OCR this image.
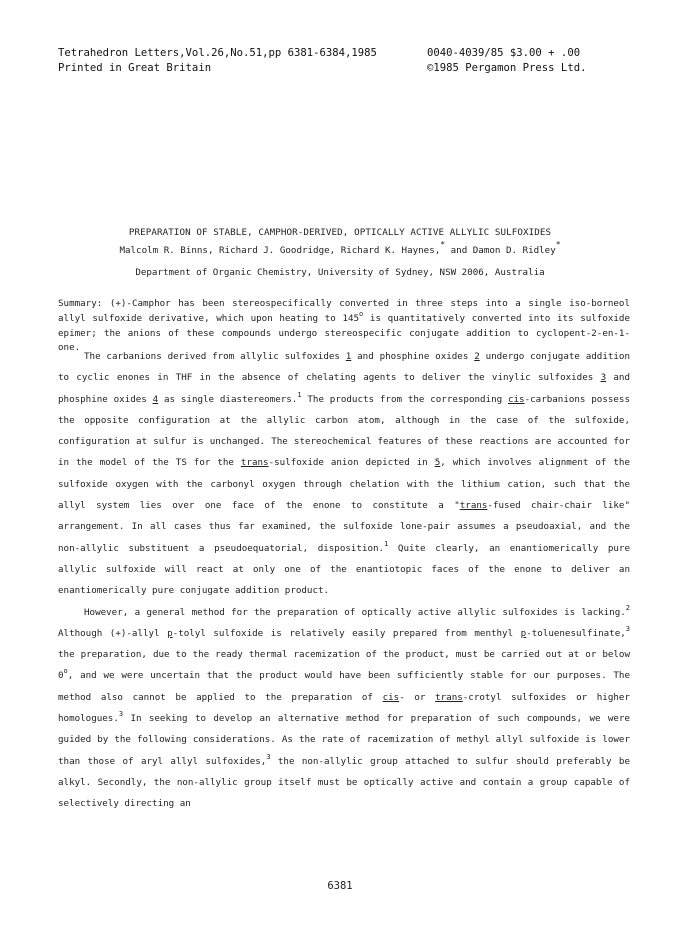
Tetrahedron Letters,Vol.26,No.51,pp 6381-6384,1985
Printed in Great Britain
0040-4039/85 $3.00 + .00
©1985 Pergamon Press Ltd.
PREPARATION OF STABLE, CAMPHOR-DERIVED, OPTICALLY ACTIVE ALLYLIC SULFOXIDES
Malcolm R. Binns, Richard J. Goodridge, Richard K. Haynes,* and Damon D. Ridley*
Department of Organic Chemistry, University of Sydney, NSW 2006, Australia

Summary: (+)-Camphor has been stereospecifically converted in three steps into a single iso-bornеol allyl sulfoxide derivative, which upon heating to 145$^o$ is quantitatively converted into its sulfoxide epimer; the anions of these compounds undergo stereospecific conjugate addition to cyclopent-2-en-1-one.

The carbanions derived from allylic sulfoxides 1 and phosphine oxides 2 undergo conjugate addition to cyclic enones in THF in the absence of chelating agents to deliver the vinylic sulfoxides 3 and phosphine oxides 4 as single diastereomers.$^1$ The products from the corresponding cis-carbanions possess the opposite configuration at the allylic carbon atom, although in the case of the sulfoxide, configuration at sulfur is unchanged. The stereochemical features of these reactions are accounted for in the model of the TS for the trans-sulfoxide anion depicted in 5, which involves alignment of the sulfoxide oxygen with the carbonyl oxygen through chelation with the lithium cation, such that the allyl system lies over one face of the enone to constitute a "trans-fused chair-chair like" arrangement. In all cases thus far examined, the sulfoxide lone-pair assumes a pseudoaxial, and the non-allylic substituent a pseudoequatorial, disposition.$^1$ Quite clearly, an enantiomerically pure allylic sulfoxide will react at only one of the enantiotopic faces of the enone to deliver an enantiomerically pure conjugate addition product.

However, a general method for the preparation of optically active allylic sulfoxides is lacking.$^2$ Although (+)-allyl p-tolyl sulfoxide is relatively easily prepared from menthyl p-toluenesulfinate,$^3$ the preparation, due to the ready thermal racemization of the product, must be carried out at or below 0$^o$, and we were uncertain that the product would have been sufficiently stable for our purposes. The method also cannot be applied to the preparation of cis- or trans-crotyl sulfoxides or higher homologues.$^3$ In seeking to develop an alternative method for preparation of such compounds, we were guided by the following considerations. As the rate of racemization of methyl allyl sulfoxide is lower than those of aryl allyl sulfoxides,$^3$ the non-allylic group attached to sulfur should preferably be alkyl. Secondly, the non-allylic group itself must be optically active and contain a group capable of selectively directing an

6381
